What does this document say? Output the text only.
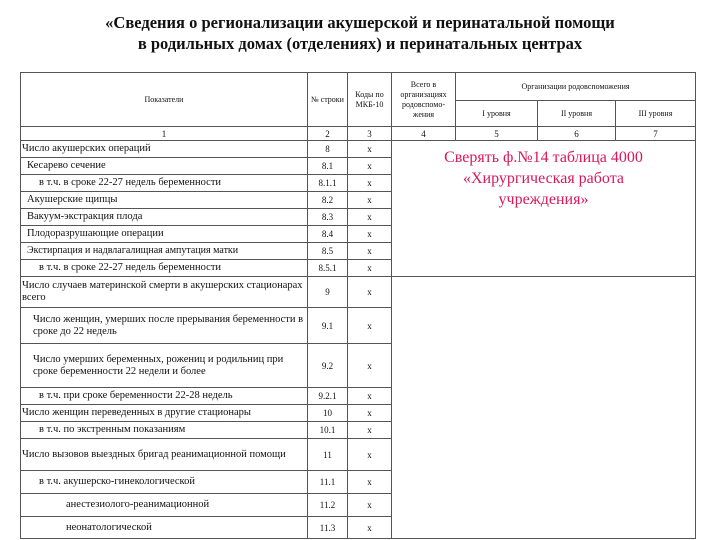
«Сведения о регионализации акушерской и перинатальной помощи
в родильных домах (отделениях) и перинатальных центрах
Показатели	№ строки	Коды по МКБ-10	Всего в организациях родовспомо-жения	Организации родовспоможения		
				I уровня	II уровня	III уровня
1	2	3	4	5	6	7
Число акушерских операций	8	х	Сверять ф.№14 таблица 4000
«Хирургическая работа
учреждения»			

Кесарево сечение	8.1	х				
в т.ч. в сроке 22-27 недель беременности	8.1.1	х				
Акушерские щипцы	8.2	х				
Вакуум-экстракция плода	8.3	х				
Плодоразрушающие операции	8.4	х				
Экстирпация и надвлагалищная ампутация матки	8.5	х				
в т.ч. в сроке 22-27 недель беременности	8.5.1	х				
Число случаев материнской смерти в акушерских стационарах всего	9	х				
Число женщин, умерших после прерывания беременности в сроке до 22 недель	9.1	х				
Число умерших беременных, рожениц и родильниц при сроке беременности 22 недели и более	9.2	х				
в т.ч. при сроке беременности 22-28 недель	9.2.1	х				
Число женщин переведенных в другие стационары	10	х				
в т.ч. по экстренным показаниям	10.1	х				
Число вызовов выездных бригад реанимационной помощи	11	х				
в т.ч. акушерско-гинекологической	11.1	х				
анестезиолого-реанимационной	11.2	х				
неонатологической	11.3	х				
